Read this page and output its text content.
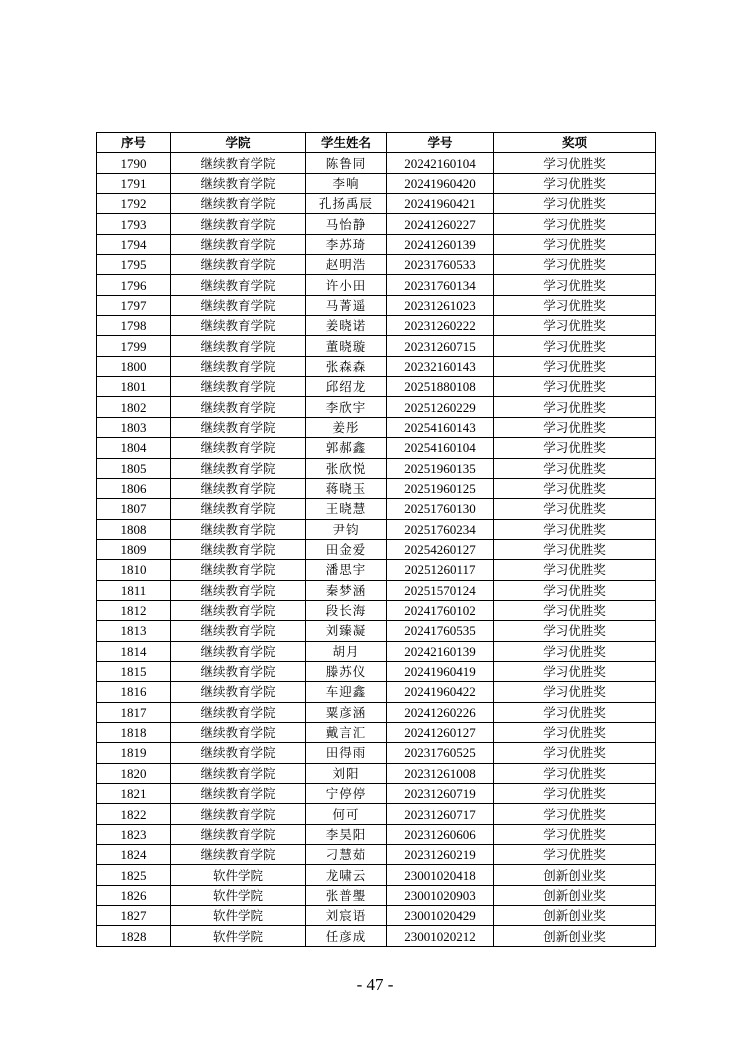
序号	学院	学生姓名	学号	奖项
1790	继续教育学院	陈鲁同	20242160104	学习优胜奖
1791	继续教育学院	李响	20241960420	学习优胜奖
1792	继续教育学院	孔扬禹辰	20241960421	学习优胜奖
1793	继续教育学院	马怡静	20241260227	学习优胜奖
1794	继续教育学院	李苏琦	20241260139	学习优胜奖
1795	继续教育学院	赵明浩	20231760533	学习优胜奖
1796	继续教育学院	许小田	20231760134	学习优胜奖
1797	继续教育学院	马菁遥	20231261023	学习优胜奖
1798	继续教育学院	姜晓诺	20231260222	学习优胜奖
1799	继续教育学院	董晓璇	20231260715	学习优胜奖
1800	继续教育学院	张森森	20232160143	学习优胜奖
1801	继续教育学院	邱绍龙	20251880108	学习优胜奖
1802	继续教育学院	李欣宇	20251260229	学习优胜奖
1803	继续教育学院	姜彤	20254160143	学习优胜奖
1804	继续教育学院	郭郝鑫	20254160104	学习优胜奖
1805	继续教育学院	张欣悦	20251960135	学习优胜奖
1806	继续教育学院	蒋晓玉	20251960125	学习优胜奖
1807	继续教育学院	王晓慧	20251760130	学习优胜奖
1808	继续教育学院	尹钧	20251760234	学习优胜奖
1809	继续教育学院	田金爱	20254260127	学习优胜奖
1810	继续教育学院	潘思宇	20251260117	学习优胜奖
1811	继续教育学院	秦梦涵	20251570124	学习优胜奖
1812	继续教育学院	段长海	20241760102	学习优胜奖
1813	继续教育学院	刘臻凝	20241760535	学习优胜奖
1814	继续教育学院	胡月	20242160139	学习优胜奖
1815	继续教育学院	滕苏仪	20241960419	学习优胜奖
1816	继续教育学院	车迎鑫	20241960422	学习优胜奖
1817	继续教育学院	粟彦涵	20241260226	学习优胜奖
1818	继续教育学院	戴言汇	20241260127	学习优胜奖
1819	继续教育学院	田得雨	20231760525	学习优胜奖
1820	继续教育学院	刘阳	20231261008	学习优胜奖
1821	继续教育学院	宁停停	20231260719	学习优胜奖
1822	继续教育学院	何可	20231260717	学习优胜奖
1823	继续教育学院	李昊阳	20231260606	学习优胜奖
1824	继续教育学院	刁慧茹	20231260219	学习优胜奖
1825	软件学院	龙啸云	23001020418	创新创业奖
1826	软件学院	张普璺	23001020903	创新创业奖
1827	软件学院	刘宸语	23001020429	创新创业奖
1828	软件学院	任彦成	23001020212	创新创业奖
- 47 -
